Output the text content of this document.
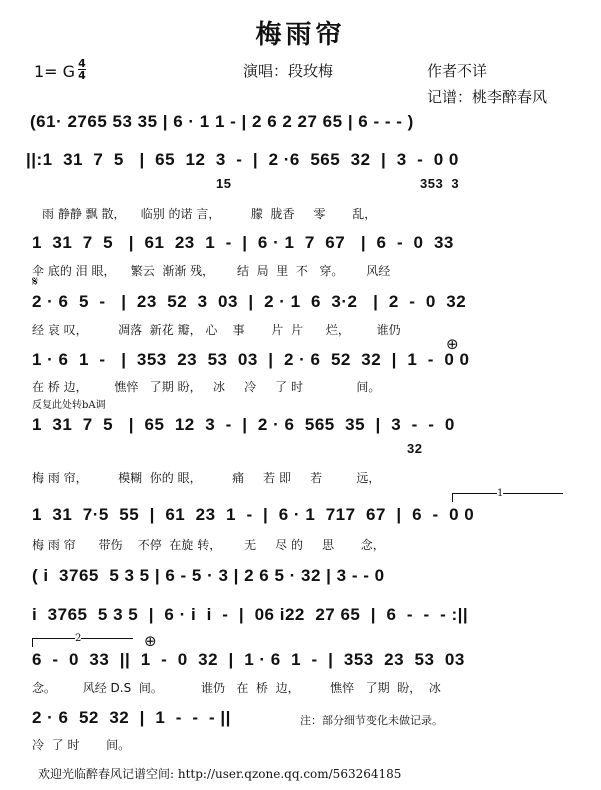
梅雨帘
1= G 4
4	演唱：段玫梅	作者不详
记谱：桃李醉春风
(61· 2765 53 35 | 6 · 1 1 - | 2 6 2 27 65 | 6 - - - )
||:1  31  7  5   |  65  12  3  -  |  2 ·6  565  32  |  3  -  0 0
15	353  3
雨 静静 飘 散，    临别 的诺 言，        朦  胧香     零       乱，
1  31  7  5   |  61  23  1  -  |  6 · 1  7  67   |  6  -  0  33
伞 底的 泪 眼，    繁云  渐渐 残，      结  局  里  不   穿。      风经
𝄋
2 · 6  5  -   |  23  52  3  03  |  2 · 1  6  3·2   |  2  -  0  32
经 哀 叹，        凋落  新花 瓣， 心    事       片  片      烂，       谁仍
1 · 6  1  -   |  353  23  53  03  |  2 · 6  52  32  |  1  -  0 0
⊕
在 桥 边，       憔悴   了期 盼，   冰     冷     了 时              间。
反复此处转bA调
1  31  7  5   |  65  12  3  -  |  2 · 6  565  35  |  3  -  -  0
32
梅 雨 帘，        模糊  你的 眼，        痛     若 即     若         远，
1
1  31  7·5  55  |  61  23  1  -  |  6 · 1  717  67  |  6  -  0 0
梅 雨 帘      带伤    不停  在旋 转，      无     尽 的     思       念，
( i  3765  5 3 5 | 6 - 5 · 3 | 2 6 5 · 32 | 3 - - 0
i  3765  5 3 5  |  6 · i  i  -  |  06 i22  27 65  |  6  -  -  - :||
2	⊕
6  -  0  33  ||  1  -  0  32  |  1 · 6  1  -  |  353  23  53  03
念。       风经 D.S  间。          谁仍   在  桥  边，        憔悴   了期  盼，  冰
2 · 6  52  32  |  1  -  -  - ||	注：部分细节变化未做记录。
冷  了 时       间。
欢迎光临醉春风记谱空间: http://user.qzone.qq.com/563264185
